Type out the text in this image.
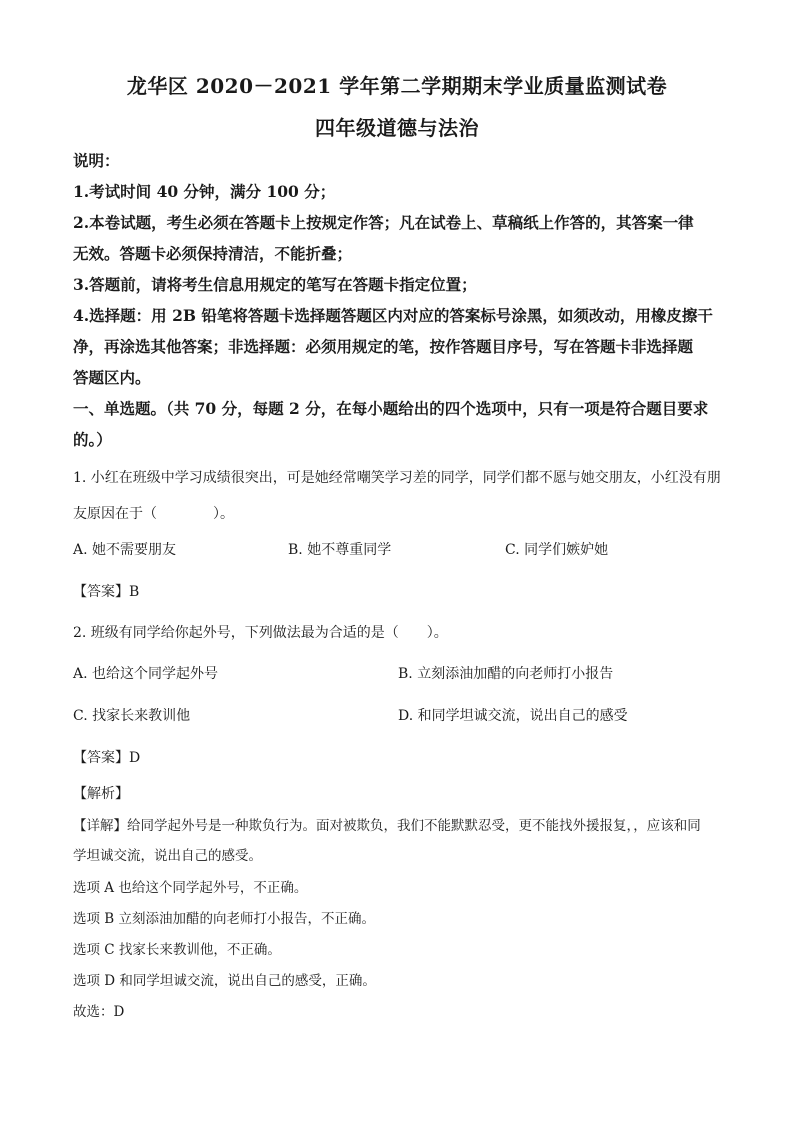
龙华区 2020－2021 学年第二学期期末学业质量监测试卷
四年级道德与法治
说明：
1.考试时间 40 分钟，满分 100 分；
2.本卷试题，考生必须在答题卡上按规定作答；凡在试卷上、草稿纸上作答的，其答案一律
无效。答题卡必须保持清洁，不能折叠；
3.答题前，请将考生信息用规定的笔写在答题卡指定位置；
4.选择题：用 2B 铅笔将答题卡选择题答题区内对应的答案标号涂黑，如须改动，用橡皮擦干
净，再涂选其他答案；非选择题：必须用规定的笔，按作答题目序号，写在答题卡非选择题
答题区内。
一、单选题。（共 70 分，每题 2 分，在每小题给出的四个选项中，只有一项是符合题目要求
的。）
1. 小红在班级中学习成绩很突出，可是她经常嘲笑学习差的同学，同学们都不愿与她交朋友，小红没有朋
友原因在于（　　　　）。
A. 她不需要朋友	B. 她不尊重同学	C. 同学们嫉妒她
【答案】B
2. 班级有同学给你起外号，下列做法最为合适的是（　　）。
A. 也给这个同学起外号	B. 立刻添油加醋的向老师打小报告
C. 找家长来教训他	D. 和同学坦诚交流，说出自己的感受
【答案】D
【解析】
【详解】给同学起外号是一种欺负行为。面对被欺负，我们不能默默忍受，更不能找外援报复，，应该和同
学坦诚交流，说出自己的感受。
选项 A 也给这个同学起外号，不正确。
选项 B 立刻添油加醋的向老师打小报告，不正确。
选项 C 找家长来教训他，不正确。
选项 D 和同学坦诚交流，说出自己的感受，正确。
故选：D
